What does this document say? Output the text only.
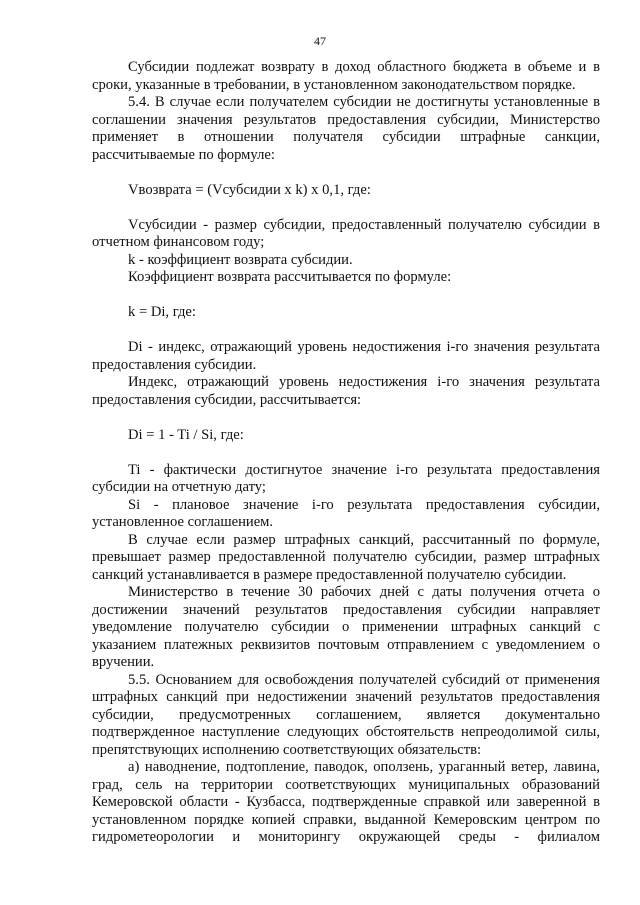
47

Субсидии подлежат возврату в доход областного бюджета в объеме и в сроки, указанные в требовании, в установленном законодательством порядке.

5.4. В случае если получателем субсидии не достигнуты установленные в соглашении значения результатов предоставления субсидии, Министерство применяет в отношении получателя субсидии штрафные санкции, рассчитываемые по формуле:

Vвозврата = (Vсубсидии x k) x 0,1, где:

Vсубсидии - размер субсидии, предоставленный получателю субсидии в отчетном финансовом году;

k - коэффициент возврата субсидии.

Коэффициент возврата рассчитывается по формуле:

k = Di, где:

Di - индекс, отражающий уровень недостижения i-го значения результата предоставления субсидии.

Индекс, отражающий уровень недостижения i-го значения результата предоставления субсидии, рассчитывается:

Di = 1 - Ti / Si, где:

Ti - фактически достигнутое значение i-го результата предоставления субсидии на отчетную дату;

Si - плановое значение i-го результата предоставления субсидии, установленное соглашением.

В случае если размер штрафных санкций, рассчитанный по формуле, превышает размер предоставленной получателю субсидии, размер штрафных санкций устанавливается в размере предоставленной получателю субсидии.

Министерство в течение 30 рабочих дней с даты получения отчета о достижении значений результатов предоставления субсидии направляет уведомление получателю субсидии о применении штрафных санкций с указанием платежных реквизитов почтовым отправлением с уведомлением о вручении.

5.5. Основанием для освобождения получателей субсидий от применения штрафных санкций при недостижении значений результатов предоставления субсидии, предусмотренных соглашением, является документально подтвержденное наступление следующих обстоятельств непреодолимой силы, препятствующих исполнению соответствующих обязательств:

а) наводнение, подтопление, паводок, оползень, ураганный ветер, лавина, град, сель на территории соответствующих муниципальных образований Кемеровской области - Кузбасса, подтвержденные справкой или заверенной в установленном порядке копией справки, выданной Кемеровским центром по гидрометеорологии и мониторингу окружающей среды - филиалом
